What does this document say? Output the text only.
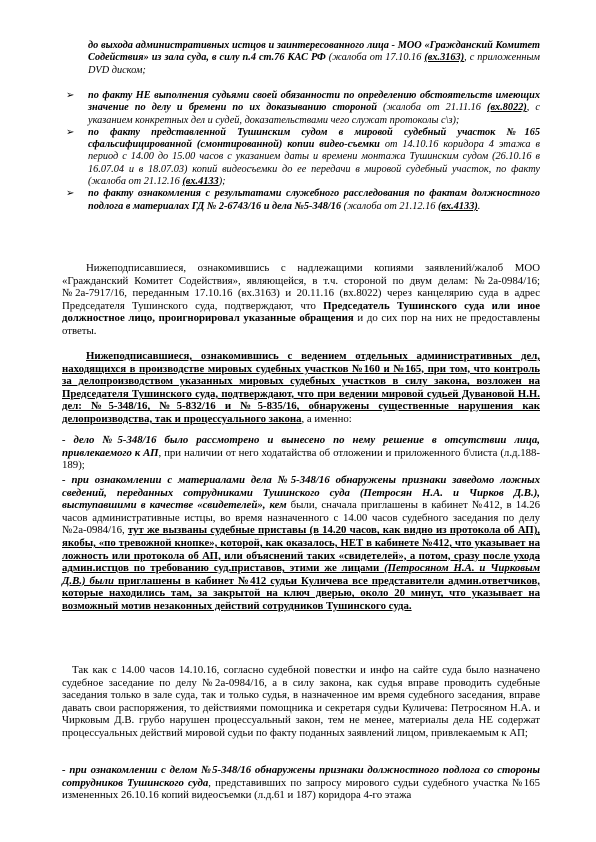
до выхода административных истцов и заинтересованного лица - МОО «Гражданский Комитет Содействия» из зала суда, в силу п.4 ст.76 КАС РФ (жалоба от 17.10.16 (вх.3163), с приложенным DVD диском;
➢ по факту НЕ выполнения судьями своей обязанности по определению обстоятельств имеющих значение по делу и бремени по их доказыванию стороной (жалоба от 21.11.16 (вх.8022), с указанием конкретных дел и судей, доказательствами чего служат протоколы с\з);
➢ по факту представленной Тушинским судом в мировой судебный участок №165 сфальсифицированной (смонтированной) копии видео-съемки от 14.10.16 коридора 4 этажа в период с 14.00 до 15.00 часов с указанием даты и времени монтажа Тушинским судом (26.10.16 в 16.07.04 и в 18.07.03) копий видеосъемки до ее передачи в мировой судебный участок, по факту (жалоба от 21.12.16 (вх.4133);
➢ по факту ознакомления с результатами служебного расследования по фактам должностного подлога в материалах ГД № 2-6743/16 и дела №5-348/16 (жалоба от 21.12.16 (вх.4133).

Нижеподписавшиеся, ознакомившись с надлежащими копиями заявлений/жалоб МОО «Гражданский Комитет Содействия», являющейся, в т.ч. стороной по двум делам: №2а-0984/16; №2а-7917/16, переданным 17.10.16 (вх.3163) и 20.11.16 (вх.8022) через канцелярию суда в адрес Председателя Тушинского суда, подтверждают, что Председатель Тушинского суда или иное должностное лицо, проигнорировал указанные обращения и до сих пор на них не предоставлены ответы.

Нижеподписавшиеся, ознакомившись с ведением отдельных административных дел, находящихся в производстве мировых судебных участков №160 и №165, при том, что контроль за делопроизводством указанных мировых судебных участков в силу закона, возложен на Председателя Тушинского суда, подтверждают, что при ведении мировой судьей Дувановой Н.Н. дел: №5-348/16, №5-832/16 и №5-835/16, обнаружены существенные нарушения как делопроизводства, так и процессуального закона, а именно:

- дело №5-348/16 было рассмотрено и вынесено по нему решение в отсутствии лица, привлекаемого к АП, при наличии от него ходатайства об отложении и приложенного б\листа (л.д.188-189);

- при ознакомлении с материалами дела №5-348/16 обнаружены признаки заведомо ложных сведений, переданных сотрудниками Тушинского суда (Петросян Н.А. и Чирков Д.В.), выступавшими в качестве «свидетелей», кем были, сначала приглашены в кабинет №412, в 14.26 часов административные истцы, во время назначенного с 14.00 часов судебного заседания по делу №2а-0984/16, тут же вызваны судебные приставы (в 14.20 часов, как видно из протокола об АП), якобы, «по тревожной кнопке», которой, как оказалось, НЕТ в кабинете №412, что указывает на ложность или протокола об АП, или объяснений таких «свидетелей», а потом, сразу после ухода админ.истцов по требованию суд.приставов, этими же лицами (Петросяном Н.А. и Чирковым Д.В.) были приглашены в кабинет №412 судьи Куличева все представители админ.ответчиков, которые находились там, за закрытой на ключ дверью, около 20 минут, что указывает на возможный мотив незаконных действий сотрудников Тушинского суда.

Так как с 14.00 часов 14.10.16, согласно судебной повестки и инфо на сайте суда было назначено судебное заседание по делу №2а-0984/16, а в силу закона, как судья вправе проводить судебные заседания только в зале суда, так и только судья, в назначенное им время судебного заседания, вправе давать свои распоряжения, то действиями помощника и секретаря судьи Куличева: Петросяном Н.А. и Чирковым Д.В. грубо нарушен процессуальный закон, тем не менее, материалы дела НЕ содержат процессуальных действий мировой судьи по факту поданных заявлений лицом, привлекаемым к АП;

- при ознакомлении с делом №5-348/16 обнаружены признаки должностного подлога со стороны сотрудников Тушинского суда, представивших по запросу мирового судьи судебного участка №165 измененных 26.10.16 копий видеосъемки (л.д.61 и 187) коридора 4-го этажа
